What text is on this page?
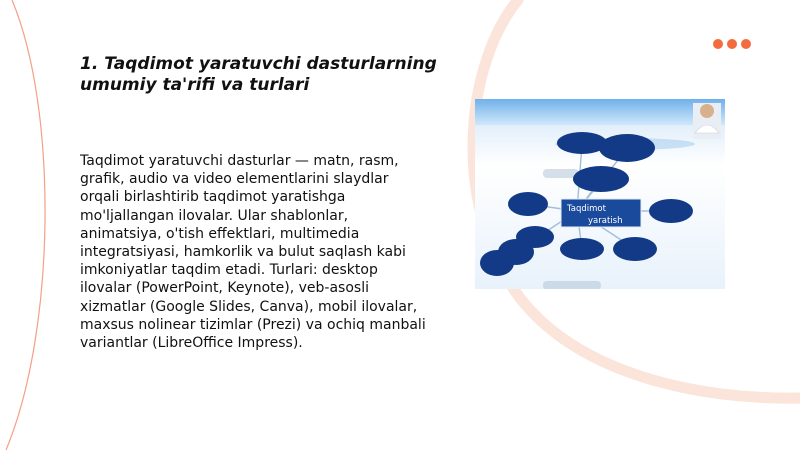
1. Taqdimot yaratuvchi dasturlarning umumiy ta'rifi va turlari

Taqdimot yaratuvchi dasturlar — matn, rasm, grafik, audio va video elementlarini slaydlar orqali birlashtirib taqdimot yaratishga mo'ljallangan ilovalar. Ular shablonlar, animatsiya, o'tish effektlari, multimedia integratsiyasi, hamkorlik va bulut saqlash kabi imkoniyatlar taqdim etadi. Turlari: desktop ilovalar (PowerPoint, Keynote), veb-asosli xizmatlar (Google Slides, Canva), mobil ilovalar, maxsus nolinear tizimlar (Prezi) va ochiq manbali variantlar (LibreOffice Impress).

Taqdimot
yaratish
